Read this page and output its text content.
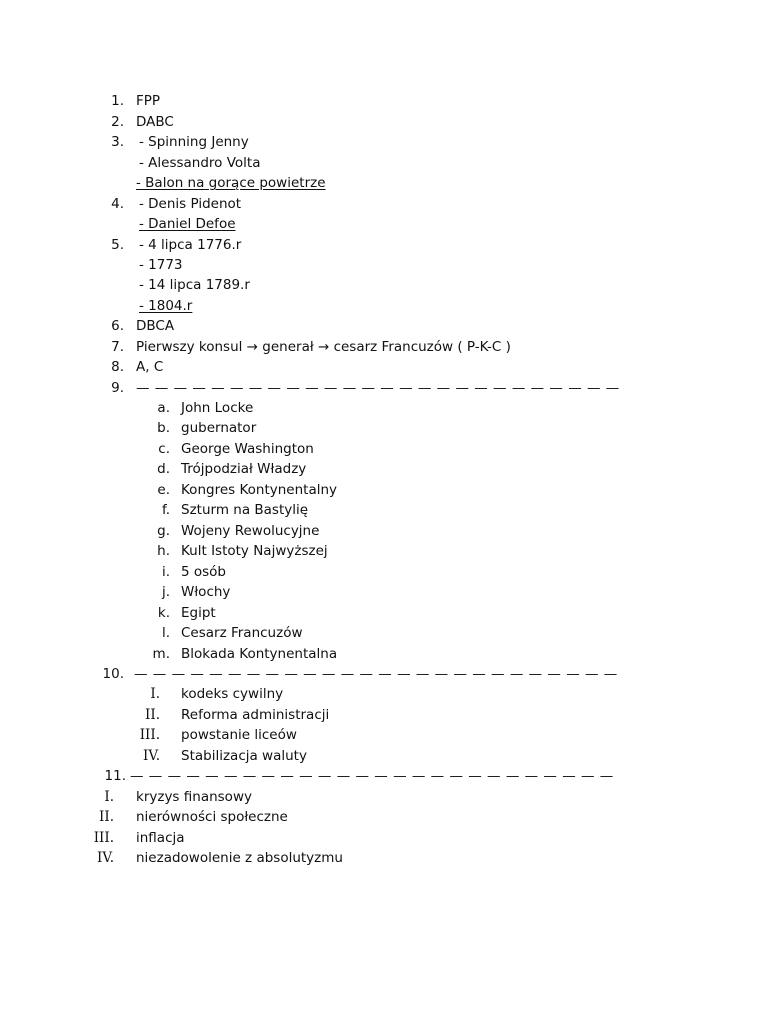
1. FPP
2. DABC
3. - Spinning Jenny
- Alessandro Volta
- Balon na gorące powietrze
4. - Denis Pidenot
- Daniel Defoe
5. - 4 lipca 1776.r
- 1773
- 14 lipca 1789.r
- 1804.r
6. DBCA
7. Pierwszy konsul → generał → cesarz Francuzów ( P-K-C )
8. A, C
9. — — — — — — — — — — — — — — — — — — — — — — — — — —
a. John Locke
b. gubernator
c. George Washington
d. Trójpodział Władzy
e. Kongres Kontynentalny
f. Szturm na Bastylię
g. Wojeny Rewolucyjne
h. Kult Istoty Najwyższej
i. 5 osób
j. Włochy
k. Egipt
l. Cesarz Francuzów
m. Blokada Kontynentalna
10. — — — — — — — — — — — — — — — — — — — — — — — — — —
I. kodeks cywilny
II. Reforma administracji
III. powstanie liceów
IV. Stabilizacja waluty
11. — — — — — — — — — — — — — — — — — — — — — — — — — —
I. kryzys finansowy
II. nierówności społeczne
III. inflacja
IV. niezadowolenie z absolutyzmu
